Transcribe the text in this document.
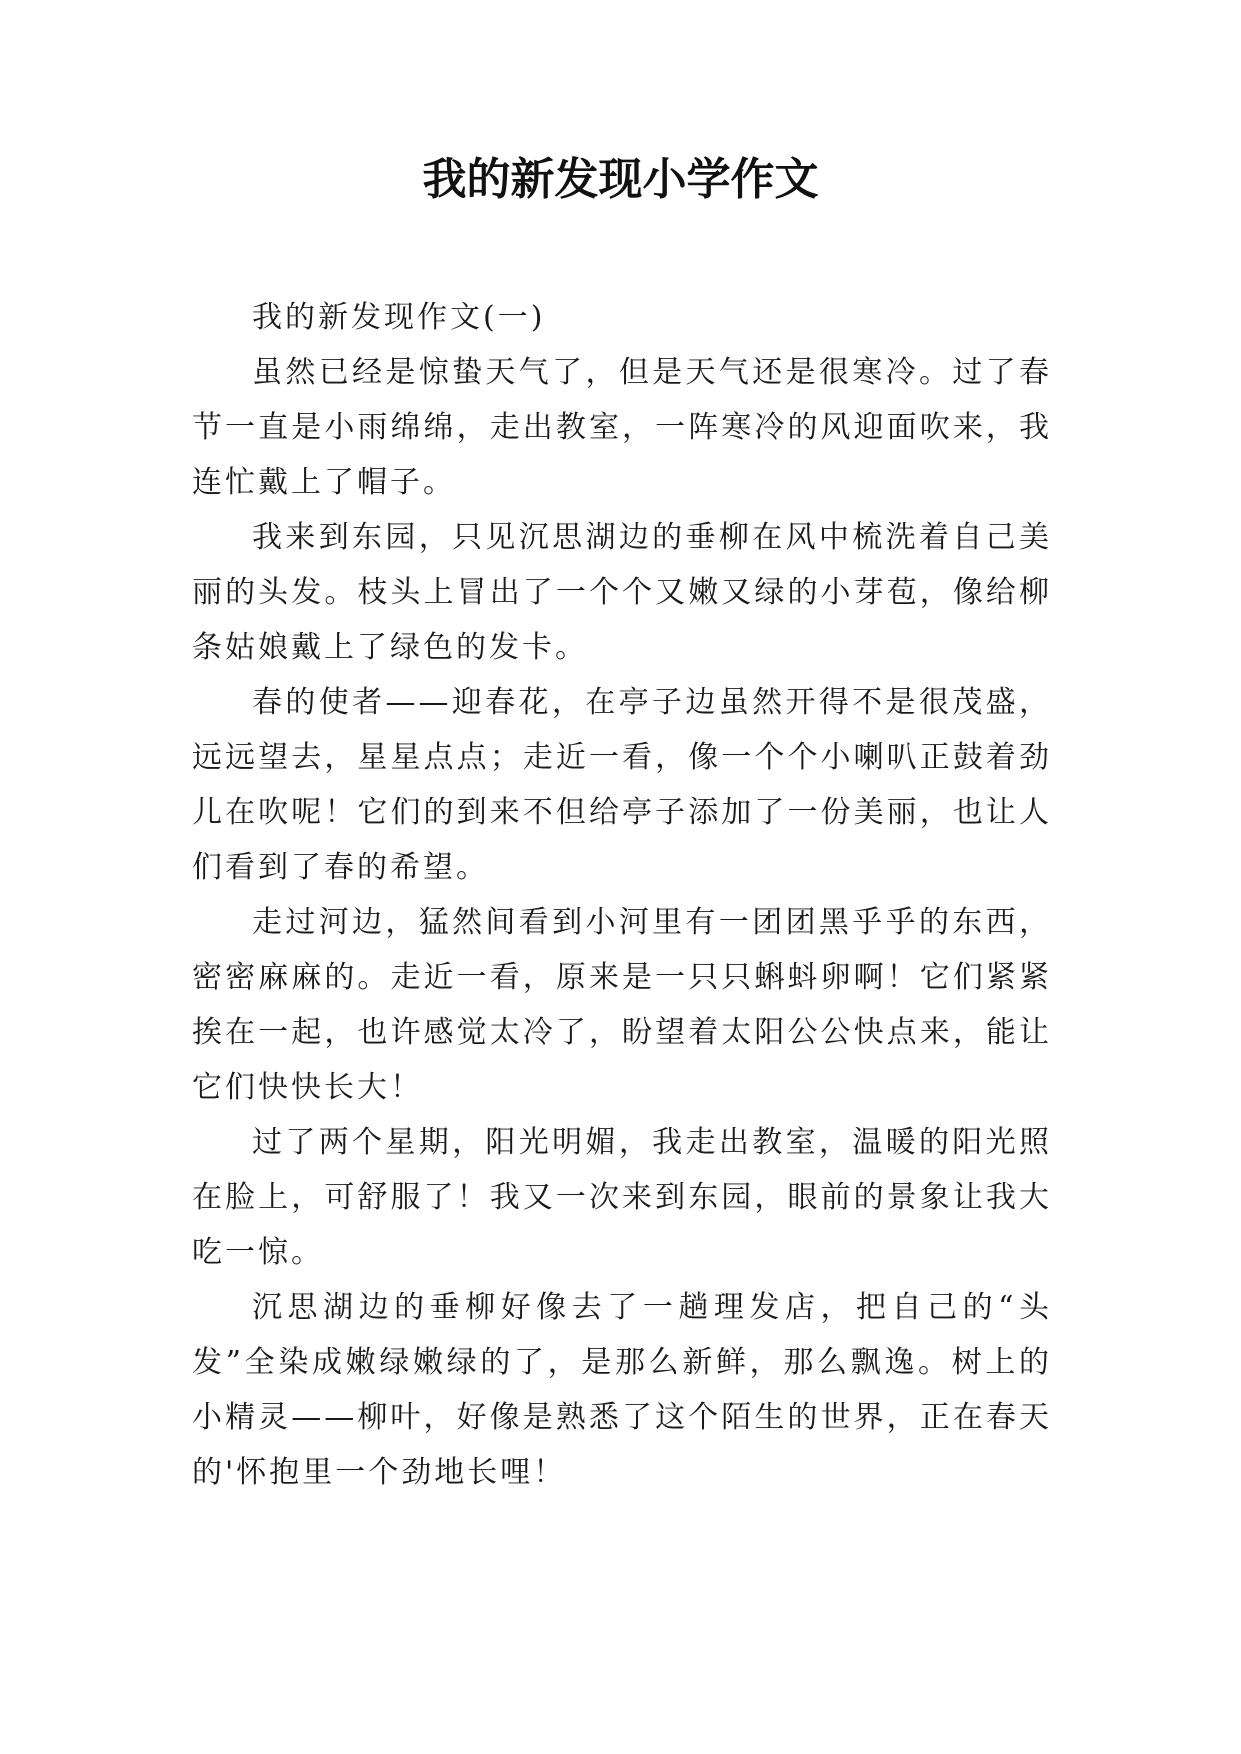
我的新发现小学作文

我的新发现作文(一)

虽然已经是惊蛰天气了，但是天气还是很寒冷。过了春节一直是小雨绵绵，走出教室，一阵寒冷的风迎面吹来，我连忙戴上了帽子。

我来到东园，只见沉思湖边的垂柳在风中梳洗着自己美丽的头发。枝头上冒出了一个个又嫩又绿的小芽苞，像给柳条姑娘戴上了绿色的发卡。

春的使者——迎春花，在亭子边虽然开得不是很茂盛，远远望去，星星点点；走近一看，像一个个小喇叭正鼓着劲儿在吹呢！它们的到来不但给亭子添加了一份美丽，也让人们看到了春的希望。

走过河边，猛然间看到小河里有一团团黑乎乎的东西，密密麻麻的。走近一看，原来是一只只蝌蚪卵啊！它们紧紧挨在一起，也许感觉太冷了，盼望着太阳公公快点来，能让它们快快长大！

过了两个星期，阳光明媚，我走出教室，温暖的阳光照在脸上，可舒服了！我又一次来到东园，眼前的景象让我大吃一惊。

沉思湖边的垂柳好像去了一趟理发店，把自己的“头发”全染成嫩绿嫩绿的了，是那么新鲜，那么飘逸。树上的小精灵——柳叶，好像是熟悉了这个陌生的世界，正在春天的'怀抱里一个劲地长哩！
